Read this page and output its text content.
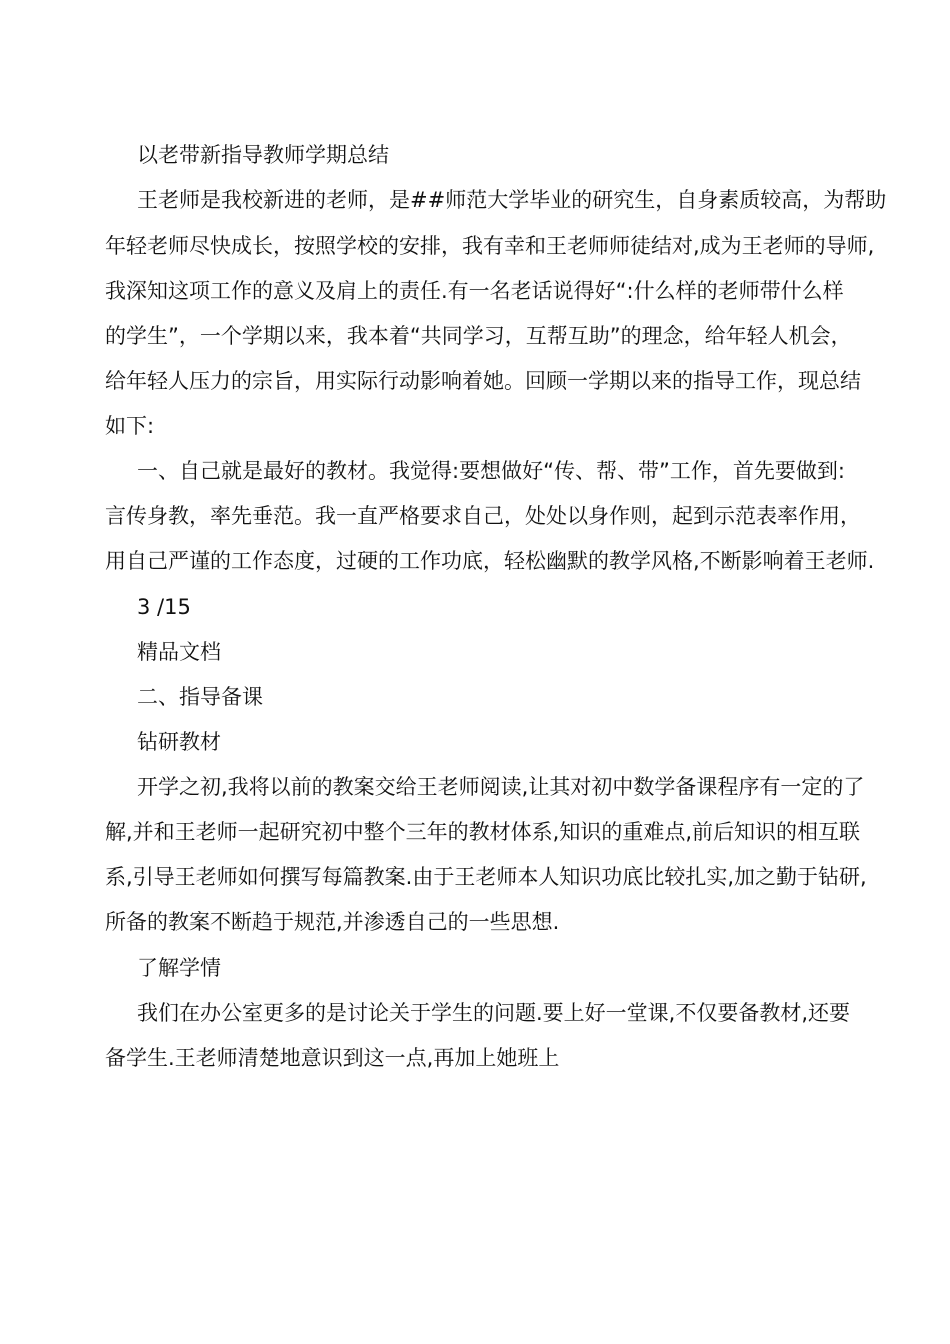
以老带新指导教师学期总结
王老师是我校新进的老师，是##师范大学毕业的研究生，自身素质较高，为帮助
年轻老师尽快成长，按照学校的安排，我有幸和王老师师徒结对,成为王老师的导师,
我深知这项工作的意义及肩上的责任.有一名老话说得好“:什么样的老师带什么样
的学生”，一个学期以来，我本着“共同学习，互帮互助”的理念，给年轻人机会，
给年轻人压力的宗旨，用实际行动影响着她。回顾一学期以来的指导工作，现总结
如下:
一、自己就是最好的教材。我觉得:要想做好“传、帮、带”工作，首先要做到:
言传身教，率先垂范。我一直严格要求自己，处处以身作则，起到示范表率作用，
用自己严谨的工作态度，过硬的工作功底，轻松幽默的教学风格,不断影响着王老师.
3 /15
精品文档
二、指导备课
钻研教材
开学之初,我将以前的教案交给王老师阅读,让其对初中数学备课程序有一定的了
解,并和王老师一起研究初中整个三年的教材体系,知识的重难点,前后知识的相互联
系,引导王老师如何撰写每篇教案.由于王老师本人知识功底比较扎实,加之勤于钻研,
所备的教案不断趋于规范,并渗透自己的一些思想.
了解学情
我们在办公室更多的是讨论关于学生的问题.要上好一堂课,不仅要备教材,还要
备学生.王老师清楚地意识到这一点,再加上她班上
